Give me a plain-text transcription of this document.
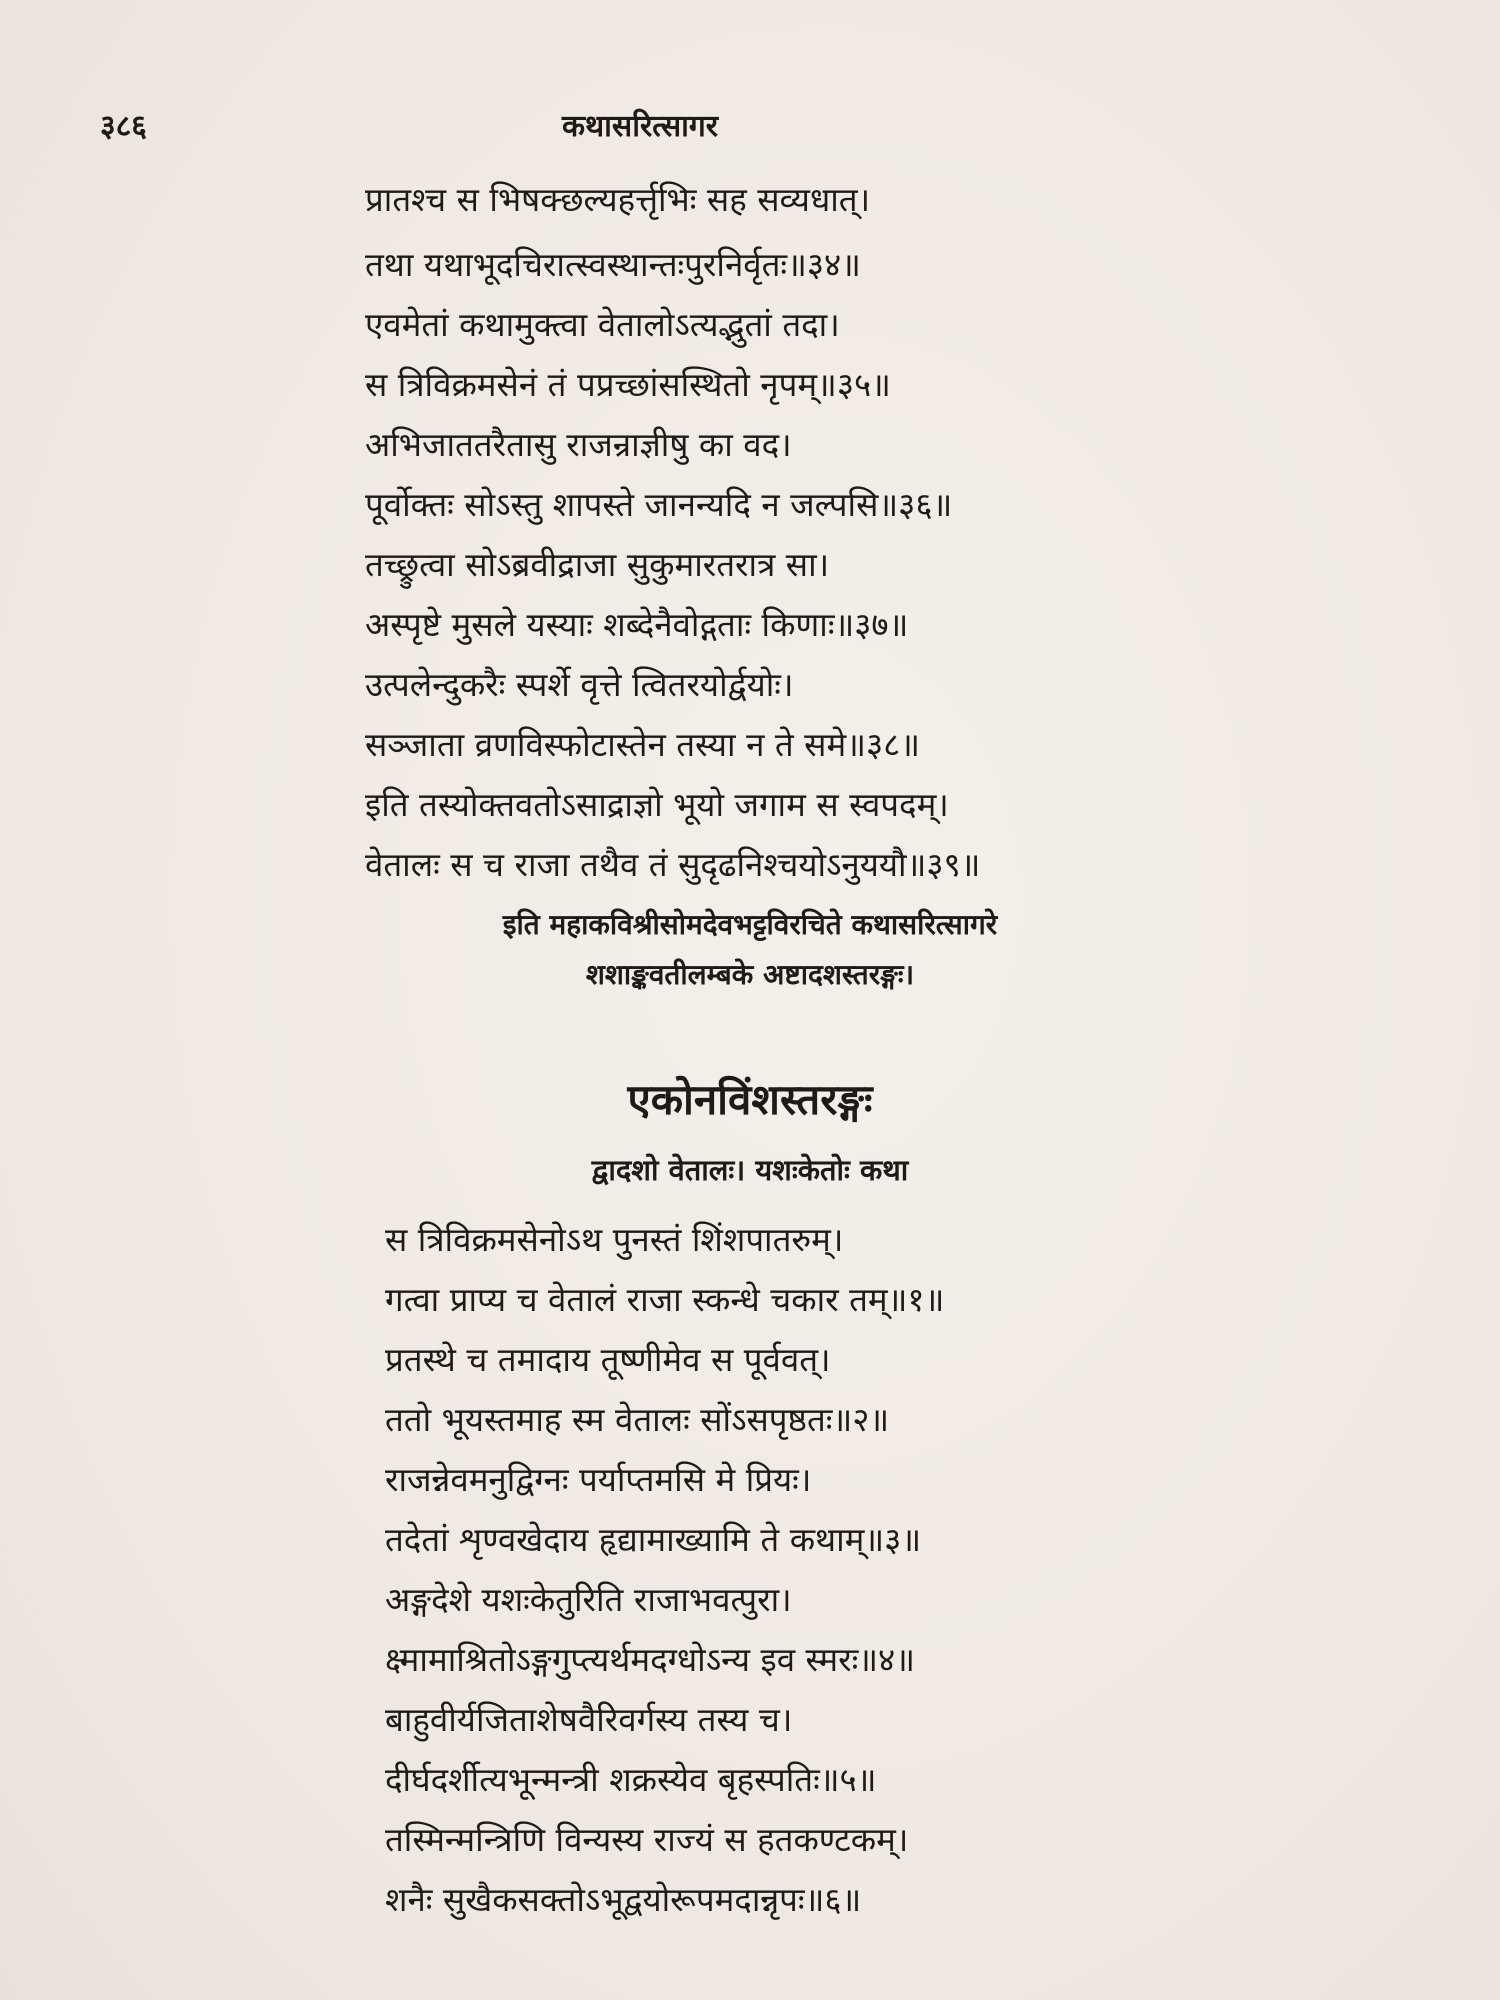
३८६	कथासरित्सागर
प्रातश्च स भिषक्छल्यहर्त्तृभिः सह सव्यधात्।
तथा यथाभूदचिरात्स्वस्थान्तःपुरनिर्वृतः॥३४॥
एवमेतां कथामुक्त्वा वेतालोऽत्यद्भुतां तदा।
स त्रिविक्रमसेनं तं पप्रच्छांसस्थितो नृपम्॥३५॥
अभिजाततरैतासु राजन्राज्ञीषु का वद।
पूर्वोक्तः सोऽस्तु शापस्ते जानन्यदि न जल्पसि॥३६॥
तच्छ्रुत्वा सोऽब्रवीद्राजा सुकुमारतरात्र सा।
अस्पृष्टे मुसले यस्याः शब्देनैवोद्गताः किणाः॥३७॥
उत्पलेन्दुकरैः स्पर्शे वृत्ते त्वितरयोर्द्वयोः।
सञ्जाता व्रणविस्फोटास्तेन तस्या न ते समे॥३८॥
इति तस्योक्तवतोऽसाद्राज्ञो भूयो जगाम स स्वपदम्।
वेतालः स च राजा तथैव तं सुदृढनिश्चयोऽनुययौ॥३९॥
इति महाकविश्रीसोमदेवभट्टविरचिते कथासरित्सागरे
शशाङ्कवतीलम्बके अष्टादशस्तरङ्गः।
एकोनविंशस्तरङ्गः
द्वादशो वेतालः। यशःकेतोः कथा
स त्रिविक्रमसेनोऽथ पुनस्तं शिंशपातरुम्।
गत्वा प्राप्य च वेतालं राजा स्कन्धे चकार तम्॥१॥
प्रतस्थे च तमादाय तूष्णीमेव स पूर्ववत्।
ततो भूयस्तमाह स्म वेतालः सोंऽसपृष्ठतः॥२॥
राजन्नेवमनुद्विग्नः पर्याप्तमसि मे प्रियः।
तदेतां शृण्वखेदाय हृद्यामाख्यामि ते कथाम्॥३॥
अङ्गदेशे यशःकेतुरिति राजाभवत्पुरा।
क्ष्मामाश्रितोऽङ्गगुप्त्यर्थमदग्धोऽन्य इव स्मरः॥४॥
बाहुवीर्यजिताशेषवैरिवर्गस्य तस्य च।
दीर्घदर्शीत्यभून्मन्त्री शक्रस्येव बृहस्पतिः॥५॥
तस्मिन्मन्त्रिणि विन्यस्य राज्यं स हतकण्टकम्।
शनैः सुखैकसक्तोऽभूद्वयोरूपमदान्नृपः॥६॥
